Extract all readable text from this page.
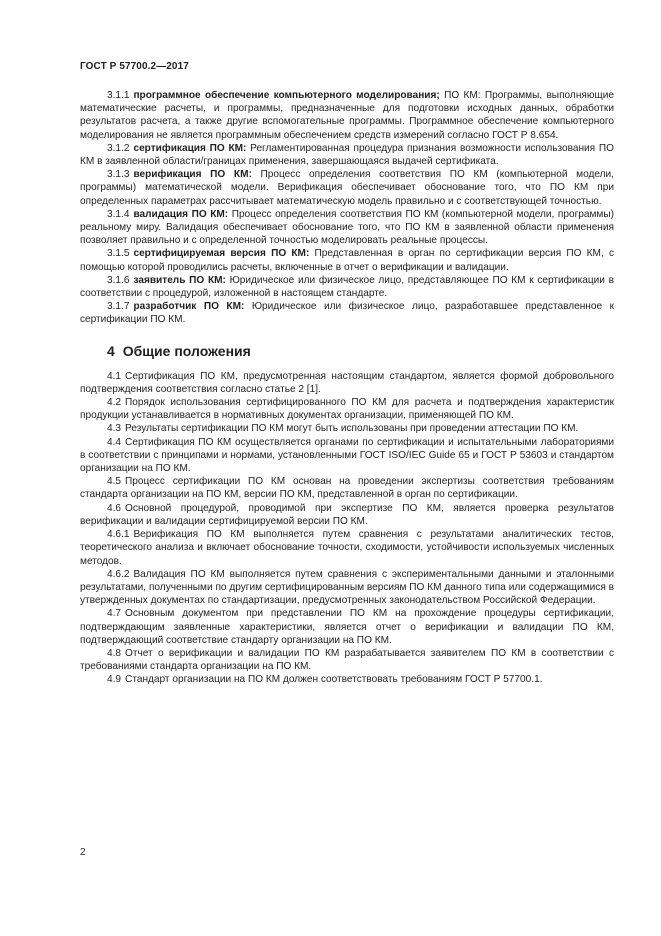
ГОСТ Р 57700.2—2017

3.1.1 программное обеспечение компьютерного моделирования; ПО КМ: Программы, выполняющие математические расчеты, и программы, предназначенные для подготовки исходных данных, обработки результатов расчета, а также другие вспомогательные программы. Программное обеспечение компьютерного моделирования не является программным обеспечением средств измерений согласно ГОСТ Р 8.654.

3.1.2 сертификация ПО КМ: Регламентированная процедура признания возможности использования ПО КМ в заявленной области/границах применения, завершающаяся выдачей сертификата.

3.1.3 верификация ПО КМ: Процесс определения соответствия ПО КМ (компьютерной модели, программы) математической модели. Верификация обеспечивает обоснование того, что ПО КМ при определенных параметрах рассчитывает математическую модель правильно и с соответствующей точностью.

3.1.4 валидация ПО КМ: Процесс определения соответствия ПО КМ (компьютерной модели, программы) реальному миру. Валидация обеспечивает обоснование того, что ПО КМ в заявленной области применения позволяет правильно и с определенной точностью моделировать реальные процессы.

3.1.5 сертифицируемая версия ПО КМ: Представленная в орган по сертификации версия ПО КМ, с помощью которой проводились расчеты, включенные в отчет о верификации и валидации.

3.1.6 заявитель ПО КМ: Юридическое или физическое лицо, представляющее ПО КМ к сертификации в соответствии с процедурой, изложенной в настоящем стандарте.

3.1.7 разработчик ПО КМ: Юридическое или физическое лицо, разработавшее представленное к сертификации ПО КМ.

4 Общие положения

4.1 Сертификация ПО КМ, предусмотренная настоящим стандартом, является формой добровольного подтверждения соответствия согласно статье 2 [1].

4.2 Порядок использования сертифицированного ПО КМ для расчета и подтверждения характеристик продукции устанавливается в нормативных документах организации, применяющей ПО КМ.

4.3 Результаты сертификации ПО КМ могут быть использованы при проведении аттестации ПО КМ.

4.4 Сертификация ПО КМ осуществляется органами по сертификации и испытательными лабораториями в соответствии с принципами и нормами, установленными ГОСТ ISO/IEC Guide 65 и ГОСТ Р 53603 и стандартом организации на ПО КМ.

4.5 Процесс сертификации ПО КМ основан на проведении экспертизы соответствия требованиям стандарта организации на ПО КМ, версии ПО КМ, представленной в орган по сертификации.

4.6 Основной процедурой, проводимой при экспертизе ПО КМ, является проверка результатов верификации и валидации сертифицируемой версии ПО КМ.

4.6.1 Верификация ПО КМ выполняется путем сравнения с результатами аналитических тестов, теоретического анализа и включает обоснование точности, сходимости, устойчивости используемых численных методов.

4.6.2 Валидация ПО КМ выполняется путем сравнения с экспериментальными данными и эталонными результатами, полученными по другим сертифицированным версиям ПО КМ данного типа или содержащимися в утвержденных документах по стандартизации, предусмотренных законодательством Российской Федерации.

4.7 Основным документом при представлении ПО КМ на прохождение процедуры сертификации, подтверждающим заявленные характеристики, является отчет о верификации и валидации ПО КМ, подтверждающий соответствие стандарту организации на ПО КМ.

4.8 Отчет о верификации и валидации ПО КМ разрабатывается заявителем ПО КМ в соответствии с требованиями стандарта организации на ПО КМ.

4.9 Стандарт организации на ПО КМ должен соответствовать требованиям ГОСТ Р 57700.1.

2
